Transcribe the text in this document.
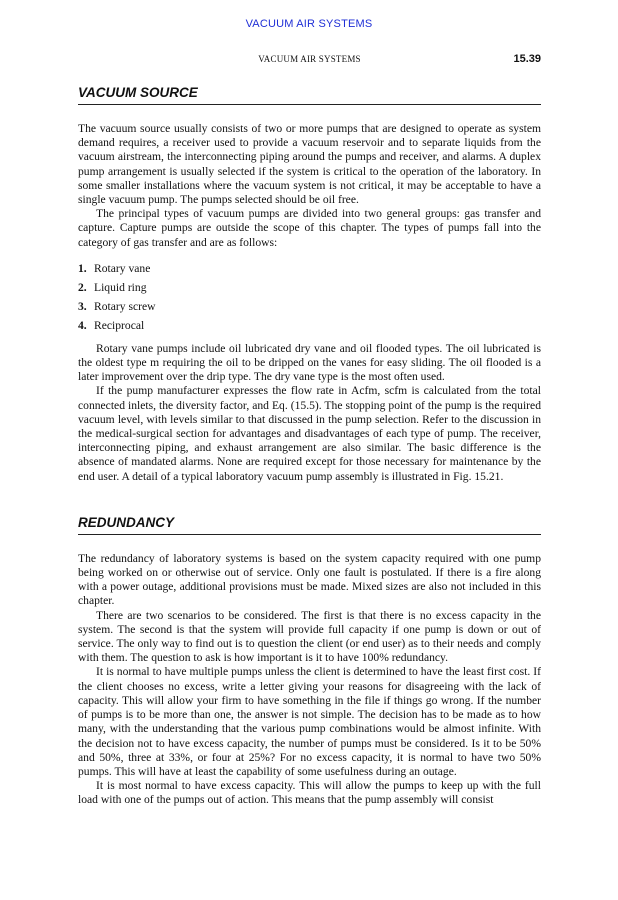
VACUUM AIR SYSTEMS
VACUUM AIR SYSTEMS	15.39
VACUUM SOURCE

The vacuum source usually consists of two or more pumps that are designed to operate as system demand requires, a receiver used to provide a vacuum reservoir and to separate liquids from the vacuum airstream, the interconnecting piping around the pumps and receiver, and alarms. A duplex pump arrangement is usually selected if the system is critical to the operation of the laboratory. In some smaller installations where the vacuum system is not critical, it may be acceptable to have a single vacuum pump. The pumps selected should be oil free.

The principal types of vacuum pumps are divided into two general groups: gas transfer and capture. Capture pumps are outside the scope of this chapter. The types of pumps fall into the category of gas transfer and are as follows:

1. Rotary vane
2. Liquid ring
3. Rotary screw
4. Reciprocal

Rotary vane pumps include oil lubricated dry vane and oil flooded types. The oil lubricated is the oldest type m requiring the oil to be dripped on the vanes for easy sliding. The oil flooded is a later improvement over the drip type. The dry vane type is the most often used.

If the pump manufacturer expresses the flow rate in Acfm, scfm is calculated from the total connected inlets, the diversity factor, and Eq. (15.5). The stopping point of the pump is the required vacuum level, with levels similar to that discussed in the pump selection. Refer to the discussion in the medical-surgical section for advantages and disadvantages of each type of pump. The receiver, interconnecting piping, and exhaust arrangement are also similar. The basic difference is the absence of mandated alarms. None are required except for those necessary for maintenance by the end user. A detail of a typical laboratory vacuum pump assembly is illustrated in Fig. 15.21.

REDUNDANCY

The redundancy of laboratory systems is based on the system capacity required with one pump being worked on or otherwise out of service. Only one fault is postulated. If there is a fire along with a power outage, additional provisions must be made. Mixed sizes are also not included in this chapter.

There are two scenarios to be considered. The first is that there is no excess capacity in the system. The second is that the system will provide full capacity if one pump is down or out of service. The only way to find out is to question the client (or end user) as to their needs and comply with them. The question to ask is how important is it to have 100% redundancy.

It is normal to have multiple pumps unless the client is determined to have the least first cost. If the client chooses no excess, write a letter giving your reasons for disagreeing with the lack of capacity. This will allow your firm to have something in the file if things go wrong. If the number of pumps is to be more than one, the answer is not simple. The decision has to be made as to how many, with the understanding that the various pump combinations would be almost infinite. With the decision not to have excess capacity, the number of pumps must be considered. Is it to be 50% and 50%, three at 33%, or four at 25%? For no excess capacity, it is normal to have two 50% pumps. This will have at least the capability of some usefulness during an outage.

It is most normal to have excess capacity. This will allow the pumps to keep up with the full load with one of the pumps out of action. This means that the pump assembly will consist
